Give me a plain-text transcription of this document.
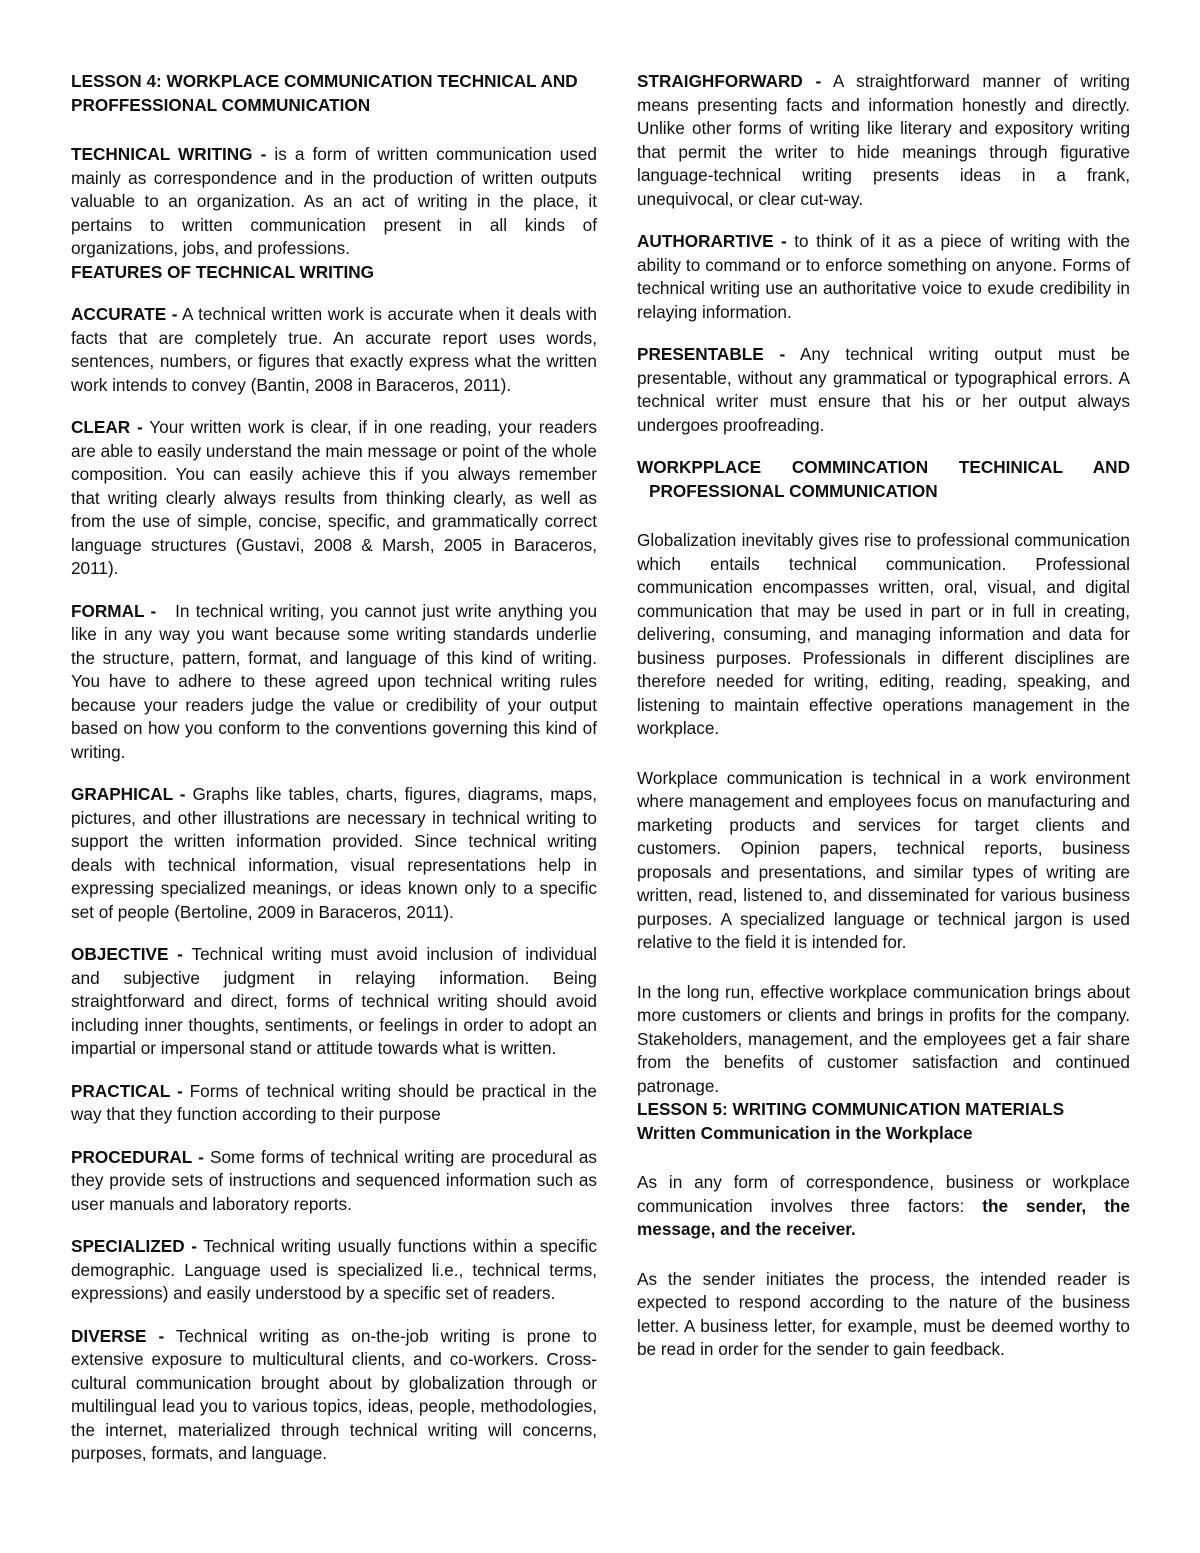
LESSON 4: WORKPLACE COMMUNICATION TECHNICAL AND PROFFESSIONAL COMMUNICATION

TECHNICAL WRITING - is a form of written communication used mainly as correspondence and in the production of written outputs valuable to an organization. As an act of writing in the place, it pertains to written communication present in all kinds of organizations, jobs, and professions.

FEATURES OF TECHNICAL WRITING

ACCURATE - A technical written work is accurate when it deals with facts that are completely true. An accurate report uses words, sentences, numbers, or figures that exactly express what the written work intends to convey (Bantin, 2008 in Baraceros, 2011).

CLEAR - Your written work is clear, if in one reading, your readers are able to easily understand the main message or point of the whole composition. You can easily achieve this if you always remember that writing clearly always results from thinking clearly, as well as from the use of simple, concise, specific, and grammatically correct language structures (Gustavi, 2008 & Marsh, 2005 in Baraceros, 2011).

FORMAL -   In technical writing, you cannot just write anything you like in any way you want because some writing standards underlie the structure, pattern, format, and language of this kind of writing. You have to adhere to these agreed upon technical writing rules because your readers judge the value or credibility of your output based on how you conform to the conventions governing this kind of writing.

GRAPHICAL - Graphs like tables, charts, figures, diagrams, maps, pictures, and other illustrations are necessary in technical writing to support the written information provided. Since technical writing deals with technical information, visual representations help in expressing specialized meanings, or ideas known only to a specific set of people (Bertoline, 2009 in Baraceros, 2011).

OBJECTIVE - Technical writing must avoid inclusion of individual and subjective judgment in relaying information. Being straightforward and direct, forms of technical writing should avoid including inner thoughts, sentiments, or feelings in order to adopt an impartial or impersonal stand or attitude towards what is written.

PRACTICAL - Forms of technical writing should be practical in the way that they function according to their purpose

PROCEDURAL - Some forms of technical writing are procedural as they provide sets of instructions and sequenced information such as user manuals and laboratory reports.

SPECIALIZED - Technical writing usually functions within a specific demographic. Language used is specialized li.e., technical terms, expressions) and easily understood by a specific set of readers.

DIVERSE - Technical writing as on-the-job writing is prone to extensive exposure to multicultural clients, and co-workers. Cross-cultural communication brought about by globalization through or multilingual lead you to various topics, ideas, people, methodologies, the internet, materialized through technical writing will concerns, purposes, formats, and language.

STRAIGHFORWARD - A straightforward manner of writing means presenting facts and information honestly and directly. Unlike other forms of writing like literary and expository writing that permit the writer to hide meanings through figurative language-technical writing presents ideas in a frank, unequivocal, or clear cut-way.

AUTHORARTIVE - to think of it as a piece of writing with the ability to command or to enforce something on anyone. Forms of technical writing use an authoritative voice to exude credibility in relaying information.

PRESENTABLE - Any technical writing output must be presentable, without any grammatical or typographical errors. A technical writer must ensure that his or her output always undergoes proofreading.

WORKPPLACE COMMINCATION TECHINICAL AND

PROFESSIONAL COMMUNICATION

Globalization inevitably gives rise to professional communication which entails technical communication. Professional communication encompasses written, oral, visual, and digital communication that may be used in part or in full in creating, delivering, consuming, and managing information and data for business purposes. Professionals in different disciplines are therefore needed for writing, editing, reading, speaking, and listening to maintain effective operations management in the workplace.

Workplace communication is technical in a work environment where management and employees focus on manufacturing and marketing products and services for target clients and customers. Opinion papers, technical reports, business proposals and presentations, and similar types of writing are written, read, listened to, and disseminated for various business purposes. A specialized language or technical jargon is used relative to the field it is intended for.

In the long run, effective workplace communication brings about more customers or clients and brings in profits for the company. Stakeholders, management, and the employees get a fair share from the benefits of customer satisfaction and continued patronage.

LESSON 5: WRITING COMMUNICATION MATERIALS

Written Communication in the Workplace

As in any form of correspondence, business or workplace communication involves three factors: the sender, the message, and the receiver.

As the sender initiates the process, the intended reader is expected to respond according to the nature of the business letter. A business letter, for example, must be deemed worthy to be read in order for the sender to gain feedback.
